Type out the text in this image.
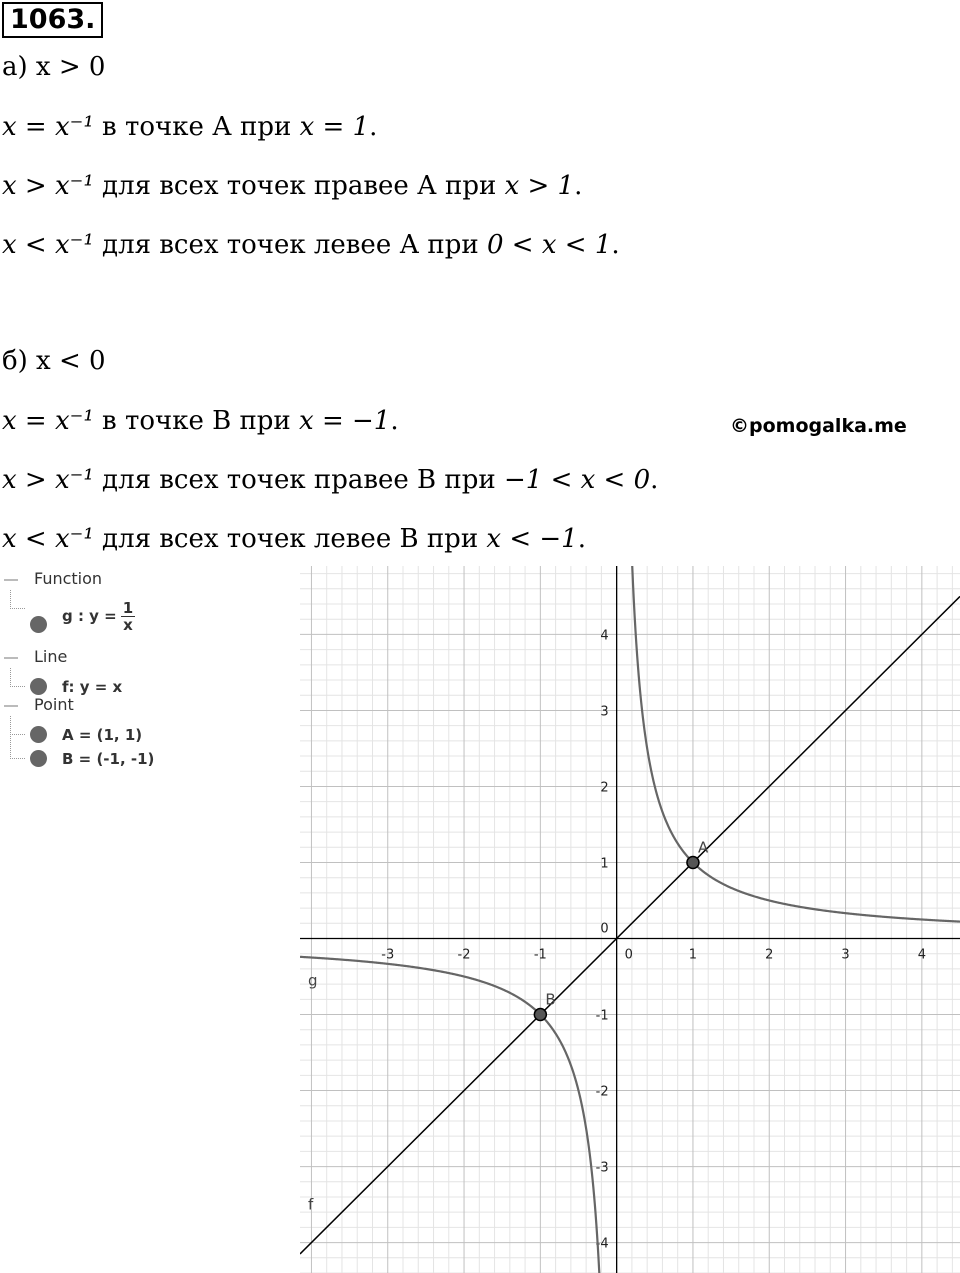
1063.
а) x > 0
x = x⁻¹ в точке А при x = 1.
x > x⁻¹ для всех точек правее А при x > 1.
x < x⁻¹ для всех точек левее А при 0 < x < 1.
б) x < 0
x = x⁻¹ в точке В при x = −1.
x > x⁻¹ для всех точек правее В при −1 < x < 0.
x < x⁻¹ для всех точек левее В при x < −1.
©pomogalka.me
Function
g : $y = \frac{1}{x}$
Line
f: y = x
Point
A = (1, 1)
B = (-1, -1)
-3	-2	-1	1	2	3	4
-4
-3
-2
-1
1
2
3
4
0
0
g
f
A
B
